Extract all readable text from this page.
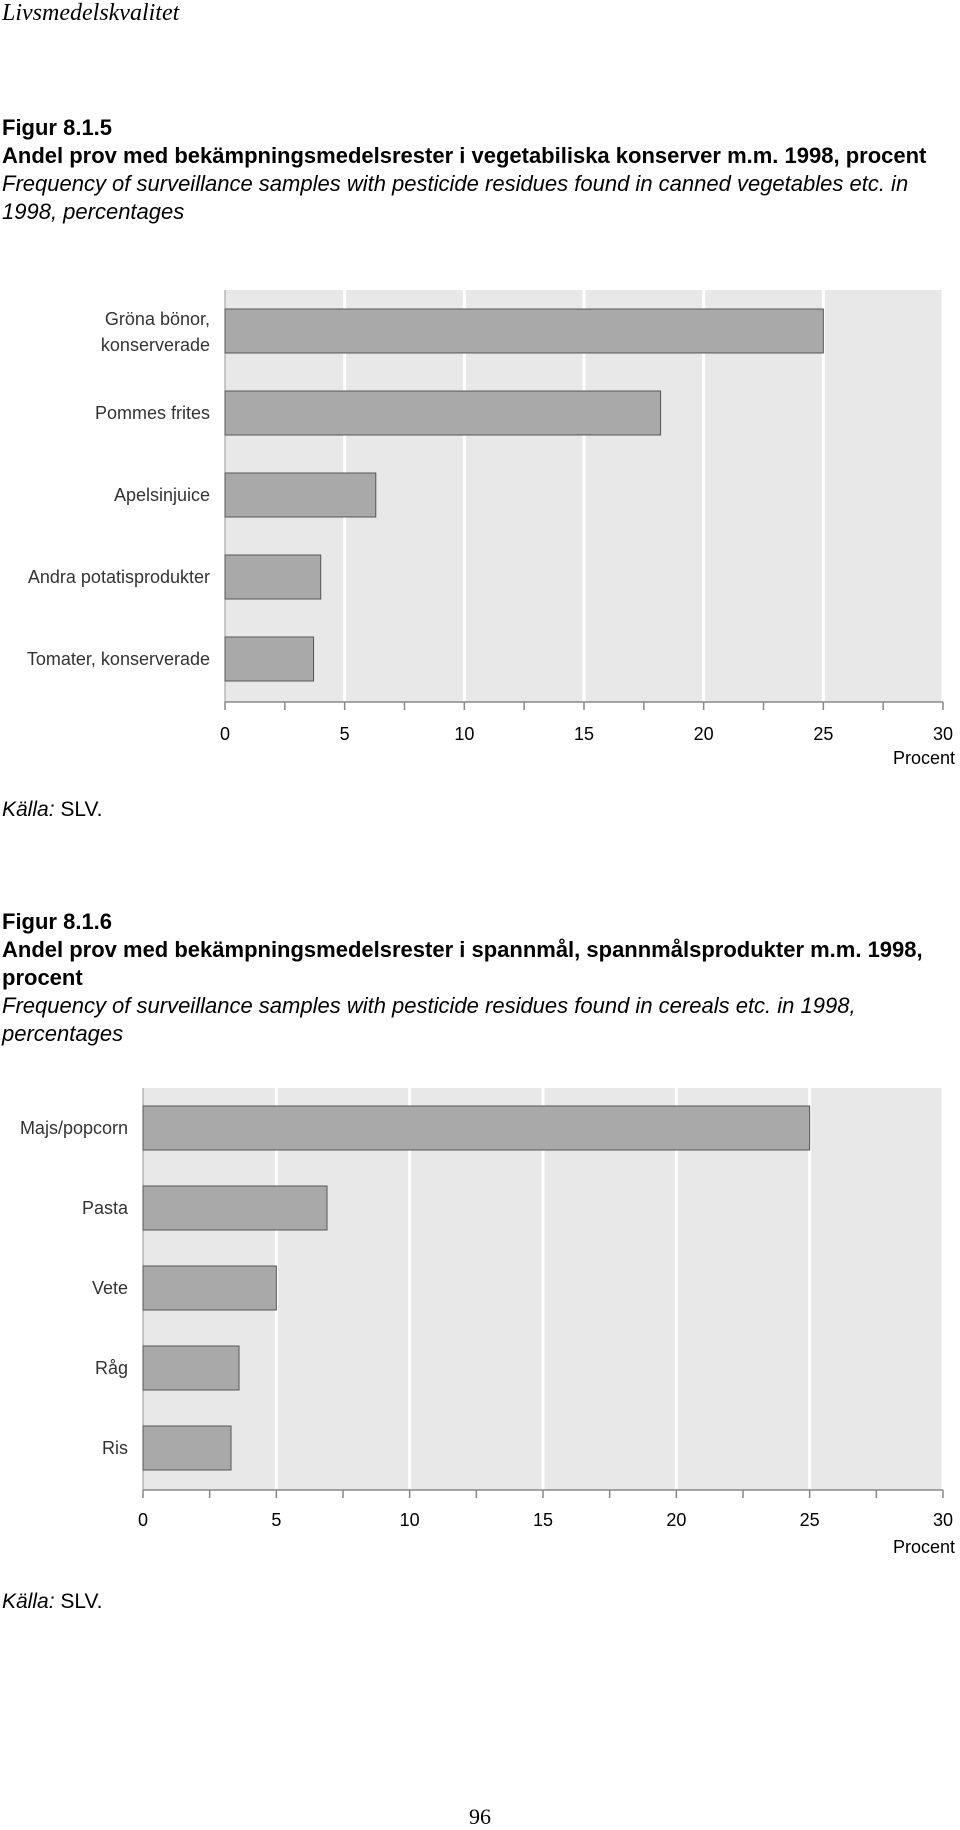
Livsmedelskvalitet
Figur 8.1.5
Andel prov med bekämpningsmedelsrester i vegetabiliska konserver m.m. 1998, procent
Frequency of surveillance samples with pesticide residues found in canned vegetables etc. in 1998, percentages
Gröna bönor, konserverade
Pommes frites
Apelsinjuice
Andra potatisprodukter
Tomater, konserverade
0	5	10	15	20	25	30
Procent
Källa: SLV.
Figur 8.1.6
Andel prov med bekämpningsmedelsrester i spannmål, spannmålsprodukter m.m. 1998, procent
Frequency of surveillance samples with pesticide residues found in cereals etc. in 1998, percentages
Majs/popcorn
Pasta
Vete
Råg
Ris
0	5	10	15	20	25	30
Procent
Källa: SLV.
96
